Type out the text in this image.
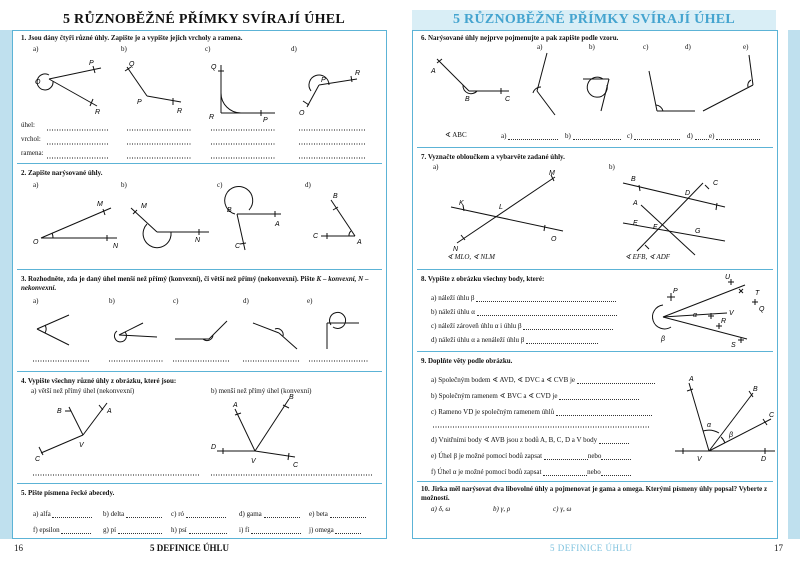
5 RŮZNOBĚŽNÉ PŘÍMKY SVÍRAJÍ ÚHEL
1. Jsou dány čtyři různé úhly. Zapište je a vypište jejich vrcholy a ramena.
a)	b)	c)	d)
O
P
R
Q
P
R
Q
R	P
P
O
R
úhel:
vrchol:
ramena:
2. Zapište narýsované úhly.
a)	b)	c)	d)
O
M
N
M
N
B
A
C
C
B
A
3. Rozhodněte, zda je daný úhel menší než přímý (konvexní), či větší než přímý (nekonvexní). Pište K – konvexní, N – nekonvexní.
a)	b)	c)	d)	e)
4. Vypište všechny různé úhly z obrázku, které jsou:
a) větší než přímý úhel (nekonvexní)	b) menší než přímý úhel (konvexní)
V
C
B	A
D
A
B
C
V
5. Pište písmena řecké abecedy.
a) alfa	b) delta	c) ró	d) gama	e) beta
f) epsilon	g) pí	h) psí	i) fí	j) omega
16	5 DEFINICE ÚHLU
5 RŮZNOBĚŽNÉ PŘÍMKY SVÍRAJÍ ÚHEL
6. Narýsované úhly nejprve pojmenujte a pak zapište podle vzoru.
a)	b)	c)	d)	e)
A
B	C
∢ ABC	a)	b)	c)	d)	e)
7. Vyznačte obloučkem a vybarvěte zadané úhly.
a)	b)
K
M
L
N
O
B
A
E
D
C
F
G
∢ MLO, ∢ NLM	∢ EFB, ∢ ADF
8. Vypište z obrázku všechny body, které:
a) náleží úhlu β
b) náleží úhlu α
c) náleží zároveň úhlu α i úhlu β
d) náleží úhlu α a nenáleží úhlu β
P
U
T
Q
V
R
S
α
β
9. Doplňte věty podle obrázku.
a) Společným bodem ∢ AVD, ∢ DVC a ∢ CVB je
b) Společným ramenem ∢ BVC a ∢ CVD je
c) Rameno VD je společným ramenem úhlů
d) Vnitřními body ∢ AVB jsou z bodů A, B, C, D a V body
e) Úhel β je možné pomocí bodů zapsat	nebo
f) Úhel α je možné pomocí bodů zapsat	nebo
A
B
C
D
V
α
β
10. Jirka měl narýsovat dva libovolné úhly a pojmenovat je gama a omega. Kterými písmeny úhly popsal? Vyberte z možností.
a) δ, ω	b) γ, ρ	c) γ, ω
5 DEFINICE ÚHLU	17
